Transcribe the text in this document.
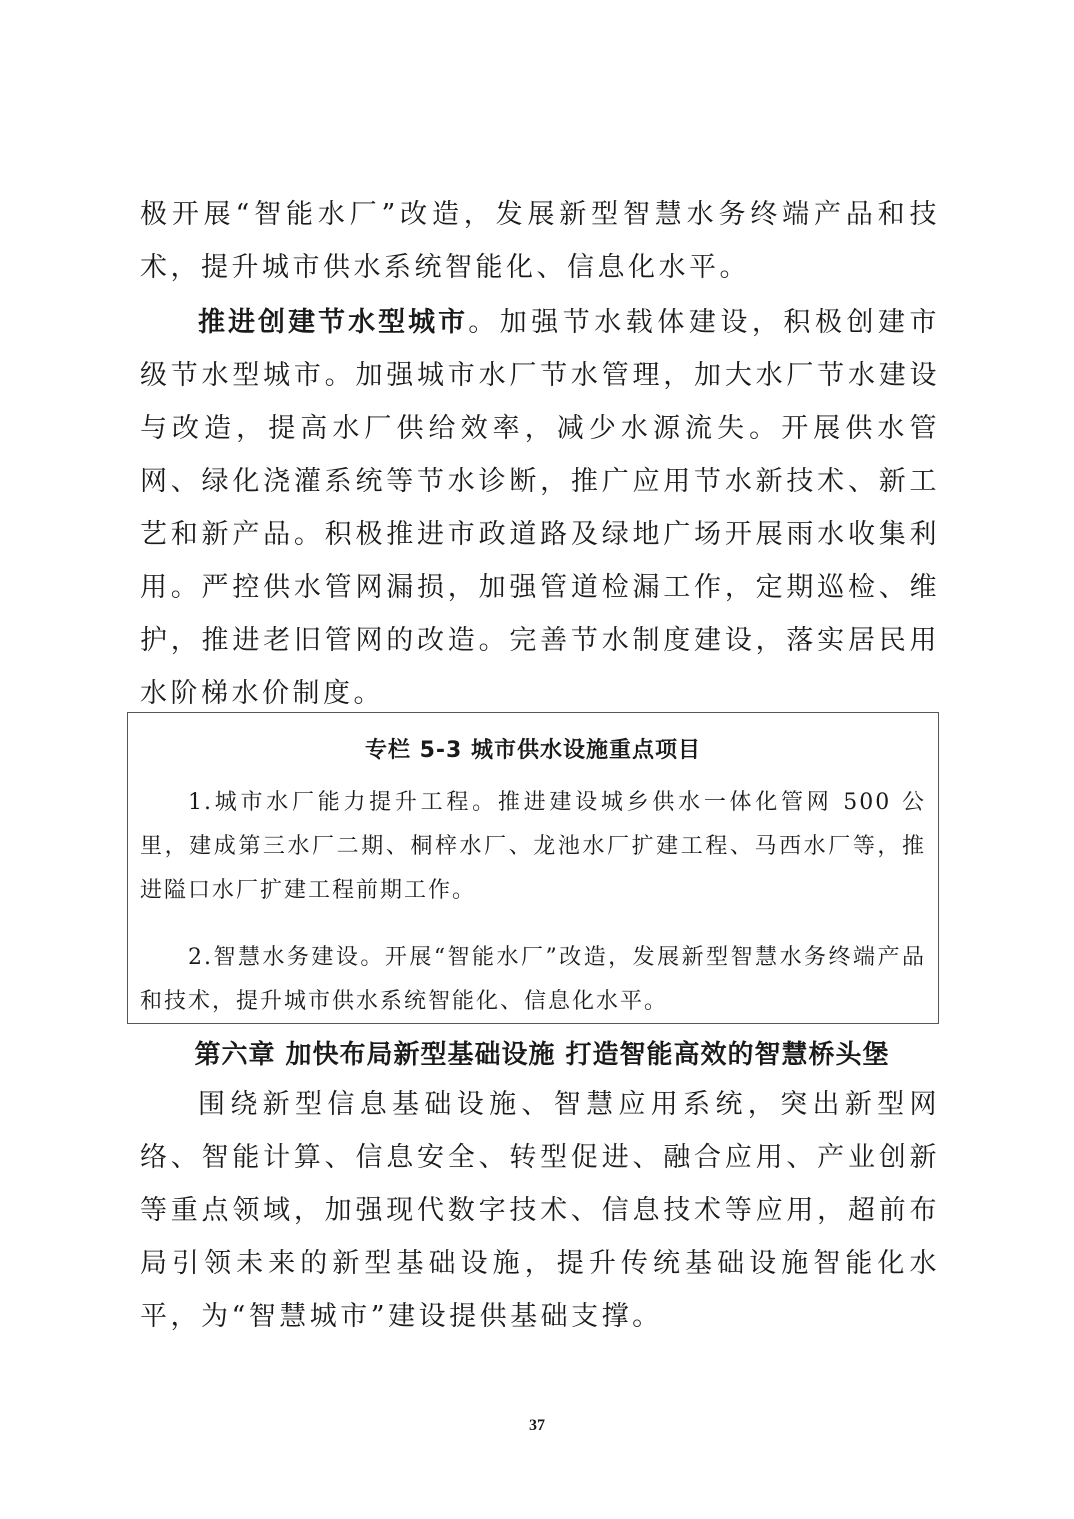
极开展“智能水厂”改造，发展新型智慧水务终端产品和技术，提升城市供水系统智能化、信息化水平。

推进创建节水型城市。加强节水载体建设，积极创建市级节水型城市。加强城市水厂节水管理，加大水厂节水建设与改造，提高水厂供给效率，减少水源流失。开展供水管网、绿化浇灌系统等节水诊断，推广应用节水新技术、新工艺和新产品。积极推进市政道路及绿地广场开展雨水收集利用。严控供水管网漏损，加强管道检漏工作，定期巡检、维护，推进老旧管网的改造。完善节水制度建设，落实居民用水阶梯水价制度。

专栏 5-3 城市供水设施重点项目

1.城市水厂能力提升工程。推进建设城乡供水一体化管网 500 公里，建成第三水厂二期、桐梓水厂、龙池水厂扩建工程、马西水厂等，推进隘口水厂扩建工程前期工作。

2.智慧水务建设。开展“智能水厂”改造，发展新型智慧水务终端产品和技术，提升城市供水系统智能化、信息化水平。

第六章 加快布局新型基础设施 打造智能高效的智慧桥头堡

围绕新型信息基础设施、智慧应用系统，突出新型网络、智能计算、信息安全、转型促进、融合应用、产业创新等重点领域，加强现代数字技术、信息技术等应用，超前布局引领未来的新型基础设施，提升传统基础设施智能化水平，为“智慧城市”建设提供基础支撑。

37
